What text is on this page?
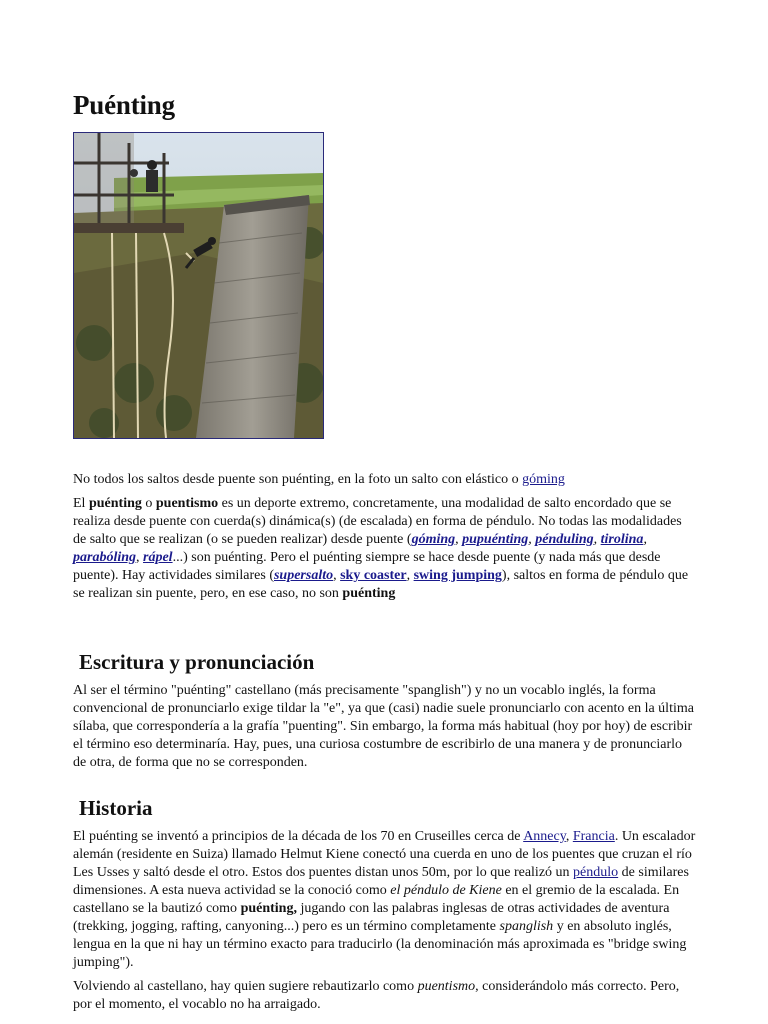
Puénting
No todos los saltos desde puente son puénting, en la foto un salto con elástico o góming

El puénting o puentismo es un deporte extremo, concretamente, una modalidad de salto encordado que se realiza desde puente con cuerda(s) dinámica(s) (de escalada) en forma de péndulo. No todas las modalidades de salto que se realizan (o se pueden realizar) desde puente (góming, pupuénting, pénduling, tirolina, parabóling, rápel...) son puénting. Pero el puénting siempre se hace desde puente (y nada más que desde puente). Hay actividades similares (supersalto, sky coaster, swing jumping), saltos en forma de péndulo que se realizan sin puente, pero, en ese caso, no son puénting

Escritura y pronunciación

Al ser el término "puénting" castellano (más precisamente "spanglish") y no un vocablo inglés, la forma convencional de pronunciarlo exige tildar la "e", ya que (casi) nadie suele pronunciarlo con acento en la última sílaba, que correspondería a la grafía "puenting". Sin embargo, la forma más habitual (hoy por hoy) de escribir el término eso determinaría. Hay, pues, una curiosa costumbre de escribirlo de una manera y de pronunciarlo de otra, de forma que no se corresponden.

Historia

El puénting se inventó a principios de la década de los 70 en Cruseilles cerca de Annecy, Francia. Un escalador alemán (residente en Suiza) llamado Helmut Kiene conectó una cuerda en uno de los puentes que cruzan el río Les Usses y saltó desde el otro. Estos dos puentes distan unos 50m, por lo que realizó un péndulo de similares dimensiones. A esta nueva actividad se la conoció como el péndulo de Kiene en el gremio de la escalada. En castellano se la bautizó como puénting, jugando con las palabras inglesas de otras actividades de aventura (trekking, jogging, rafting, canyoning...) pero es un término completamente spanglish y en absoluto inglés, lengua en la que ni hay un término exacto para traducirlo (la denominación más aproximada es "bridge swing jumping").

Volviendo al castellano, hay quien sugiere rebautizarlo como puentismo, considerándolo más correcto. Pero, por el momento, el vocablo no ha arraigado.
